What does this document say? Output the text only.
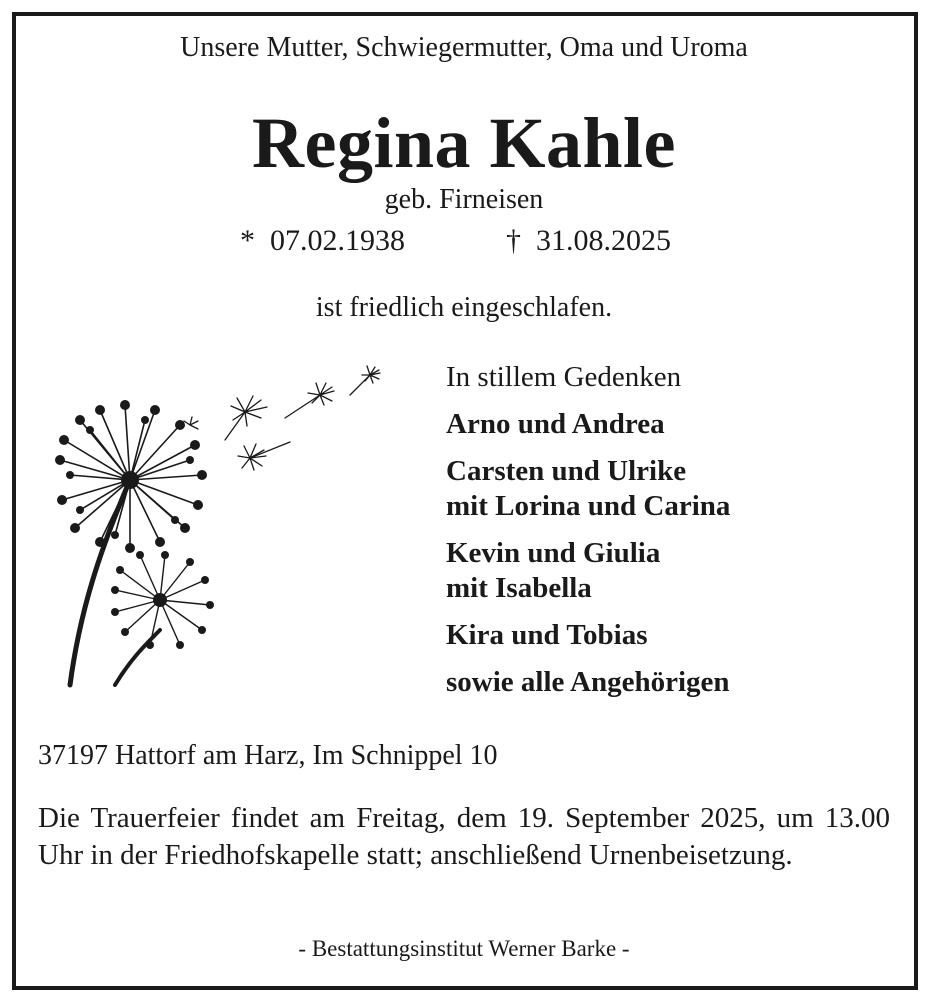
Unsere Mutter, Schwiegermutter, Oma und Uroma
Regina Kahle
geb. Firneisen
* 07.02.1938	† 31.08.2025
ist friedlich eingeschlafen.
In stillem Gedenken
Arno und Andrea
Carsten und Ulrike
mit Lorina und Carina
Kevin und Giulia
mit Isabella
Kira und Tobias
sowie alle Angehörigen
37197 Hattorf am Harz, Im Schnippel 10
Die Trauerfeier findet am Freitag, dem 19. September 2025, um 13.00 Uhr in der Friedhofskapelle statt; anschließend Urnenbeisetzung.
- Bestattungsinstitut Werner Barke -
